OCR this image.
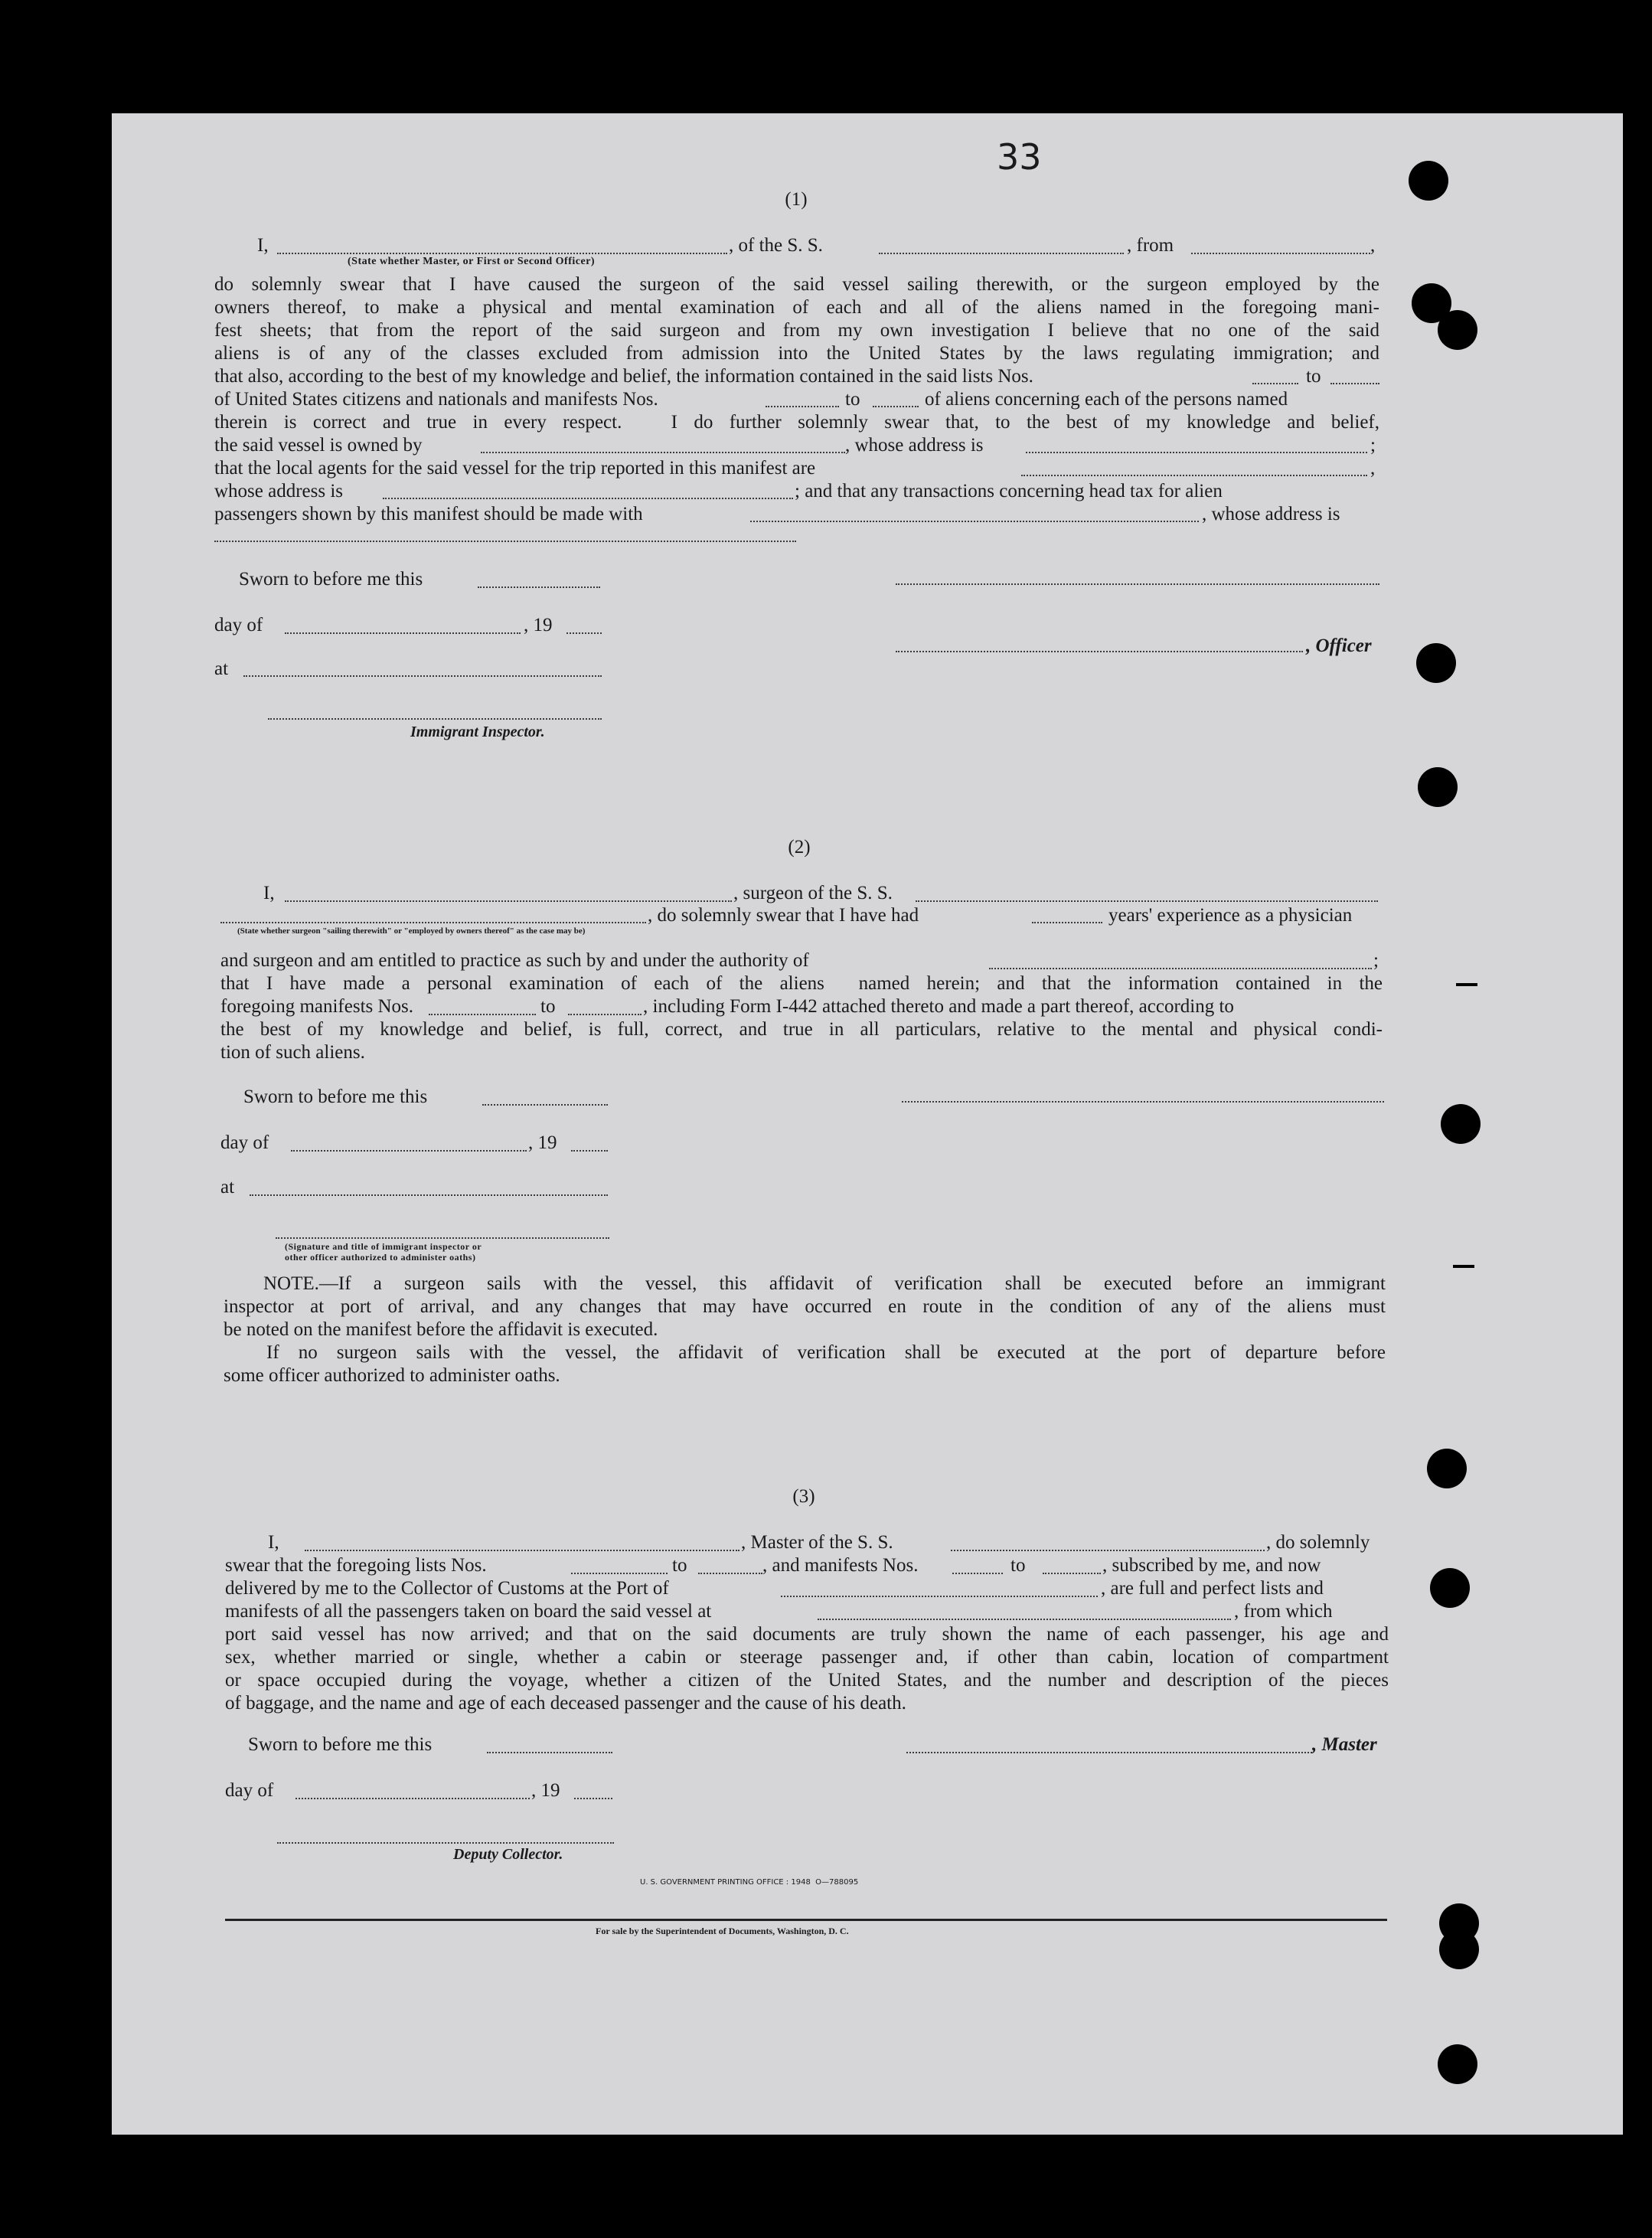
33
(1)
I,	, of the S. S.	, from	,
(State whether Master, or First or Second Officer)
do solemnly swear that I have caused the surgeon of the said vessel sailing therewith, or the surgeon employed by the
owners thereof, to make a physical and mental examination of each and all of the aliens named in the foregoing mani-
fest sheets; that from the report of the said surgeon and from my own investigation I believe that no one of the said
aliens is of any of the classes excluded from admission into the United States by the laws regulating immigration; and
that also, according to the best of my knowledge and belief, the information contained in the said lists Nos.	to
of United States citizens and nationals and manifests Nos.	to	of aliens concerning each of the persons named
therein is correct and true in every respect.   I do further solemnly swear that, to the best of my knowledge and belief,
the said vessel is owned by	, whose address is	;
that the local agents for the said vessel for the trip reported in this manifest are	,
whose address is	; and that any transactions concerning head tax for alien
passengers shown by this manifest should be made with	, whose address is
Sworn to before me this
day of	, 19
, Officer
at
Immigrant Inspector.
(2)
I,	, surgeon of the S. S.
, do solemnly swear that I have had	years' experience as a physician
(State whether surgeon "sailing therewith" or "employed by owners thereof" as the case may be)
and surgeon and am entitled to practice as such by and under the authority of	;
that I have made a personal examination of each of the aliens  named herein; and that the information contained in the
foregoing manifests Nos.	to	, including Form I-442 attached thereto and made a part thereof, according to
the best of my knowledge and belief, is full, correct, and true in all particulars, relative to the mental and physical condi-
tion of such aliens.
Sworn to before me this
day of	, 19
at
(Signature and title of immigrant inspector or
other officer authorized to administer oaths)
NOTE.—If a surgeon sails with the vessel, this affidavit of verification shall be executed before an immigrant
inspector at port of arrival, and any changes that may have occurred en route in the condition of any of the aliens must
be noted on the manifest before the affidavit is executed.
If no surgeon sails with the vessel, the affidavit of verification shall be executed at the port of departure before
some officer authorized to administer oaths.
(3)
I,	, Master of the S. S.	, do solemnly
swear that the foregoing lists Nos.	to	, and manifests Nos.	to	, subscribed by me, and now
delivered by me to the Collector of Customs at the Port of	, are full and perfect lists and
manifests of all the passengers taken on board the said vessel at	, from which
port said vessel has now arrived; and that on the said documents are truly shown the name of each passenger, his age and
sex, whether married or single, whether a cabin or steerage passenger and, if other than cabin, location of compartment
or space occupied during the voyage, whether a citizen of the United States, and the number and description of the pieces
of baggage, and the name and age of each deceased passenger and the cause of his death.
Sworn to before me this	, Master
day of	, 19
Deputy Collector.
U. S. GOVERNMENT PRINTING OFFICE : 1948  O—788095
For sale by the Superintendent of Documents, Washington, D. C.
